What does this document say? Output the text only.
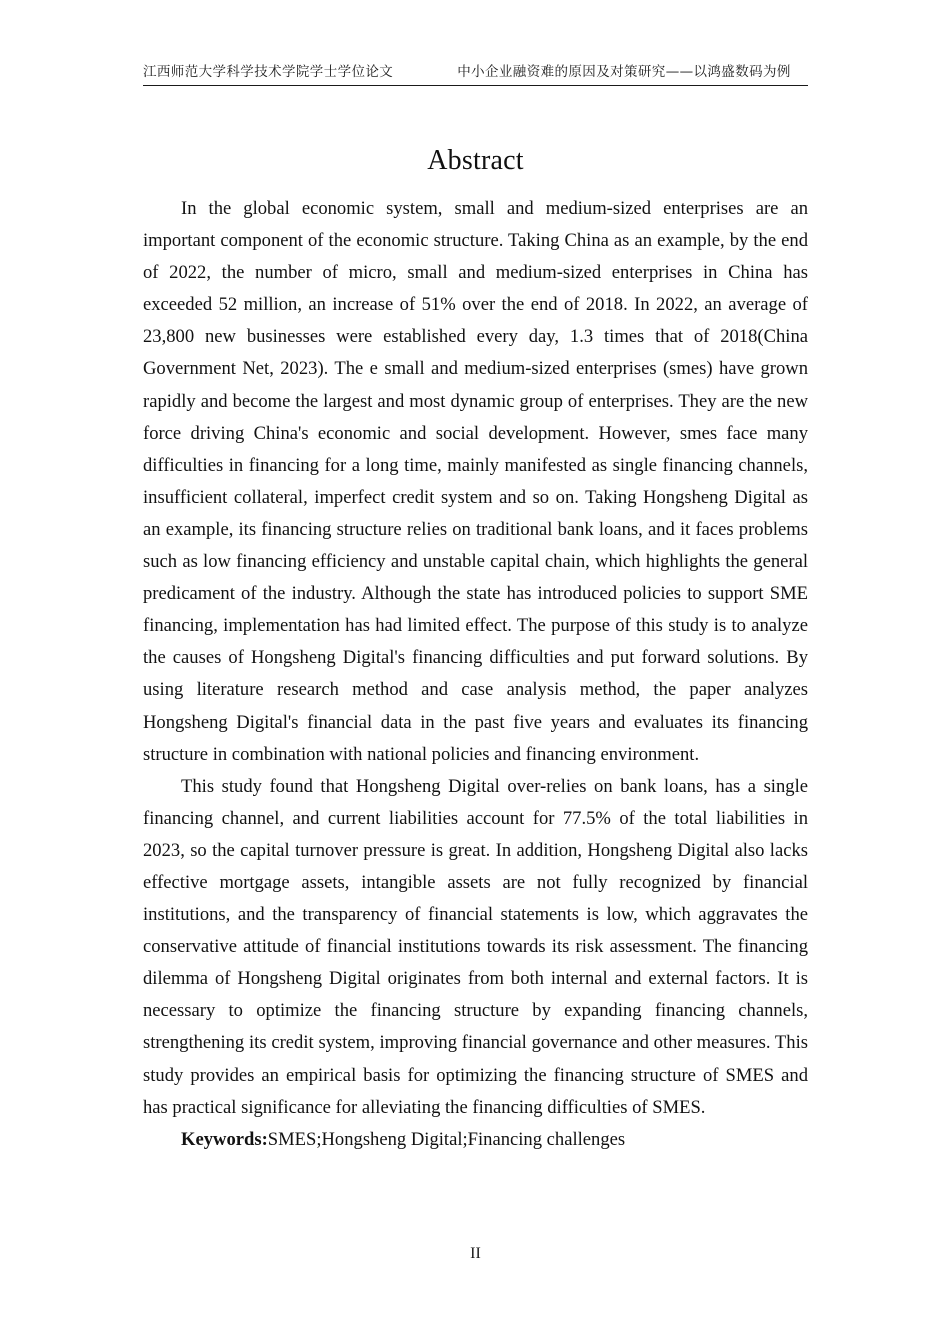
江西师范大学科学技术学院学士学位论文	中小企业融资难的原因及对策研究——以鸿盛数码为例
Abstract

In the global economic system, small and medium-sized enterprises are an important component of the economic structure. Taking China as an example, by the end of 2022, the number of micro, small and medium-sized enterprises in China has exceeded 52 million, an increase of 51% over the end of 2018. In 2022, an average of 23,800 new businesses were established every day, 1.3 times that of 2018(China Government Net, 2023). The e small and medium-sized enterprises (smes) have grown rapidly and become the largest and most dynamic group of enterprises. They are the new force driving China's economic and social development. However, smes face many difficulties in financing for a long time, mainly manifested as single financing channels, insufficient collateral, imperfect credit system and so on. Taking Hongsheng Digital as an example, its financing structure relies on traditional bank loans, and it faces problems such as low financing efficiency and unstable capital chain, which highlights the general predicament of the industry. Although the state has introduced policies to support SME financing, implementation has had limited effect. The purpose of this study is to analyze the causes of Hongsheng Digital's financing difficulties and put forward solutions. By using literature research method and case analysis method, the paper analyzes Hongsheng Digital's financial data in the past five years and evaluates its financing structure in combination with national policies and financing environment.

This study found that Hongsheng Digital over-relies on bank loans, has a single financing channel, and current liabilities account for 77.5% of the total liabilities in 2023, so the capital turnover pressure is great. In addition, Hongsheng Digital also lacks effective mortgage assets, intangible assets are not fully recognized by financial institutions, and the transparency of financial statements is low, which aggravates the conservative attitude of financial institutions towards its risk assessment. The financing dilemma of Hongsheng Digital originates from both internal and external factors. It is necessary to optimize the financing structure by expanding financing channels, strengthening its credit system, improving financial governance and other measures. This study provides an empirical basis for optimizing the financing structure of SMES and has practical significance for alleviating the financing difficulties of SMES.

Keywords:SMES;Hongsheng Digital;Financing challenges

II
